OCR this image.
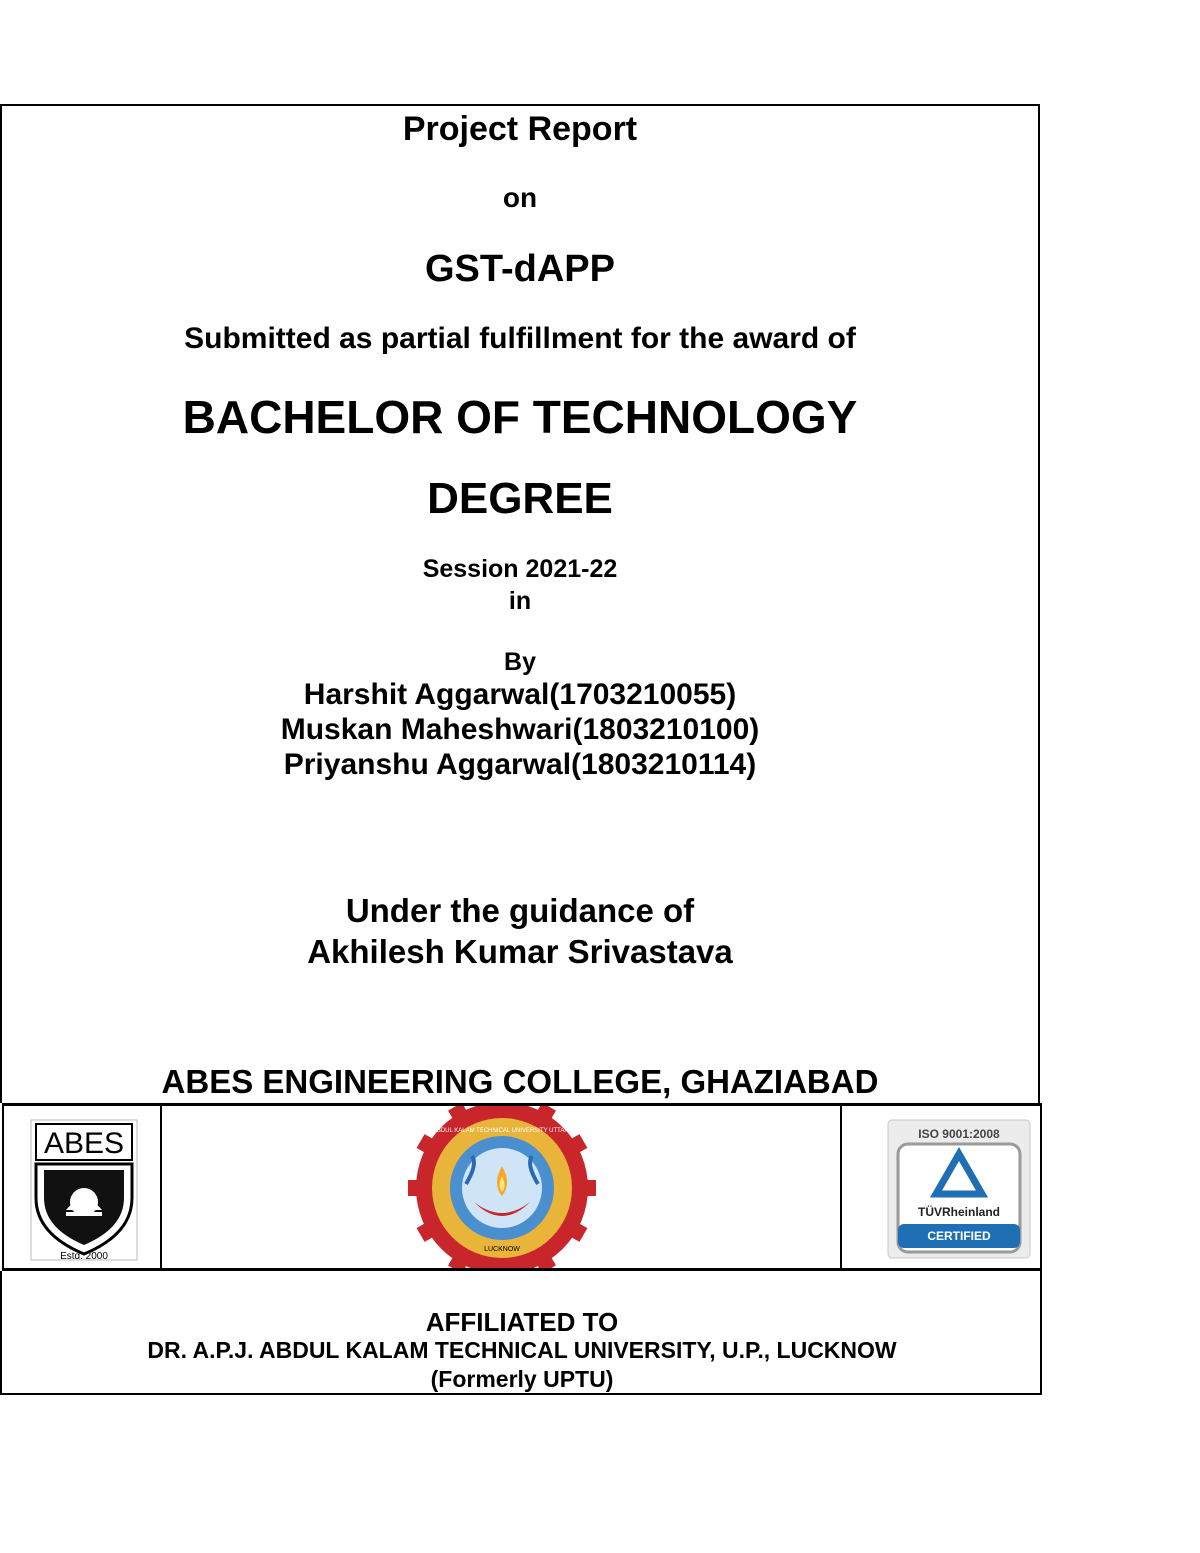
Project Report
on
GST-dAPP
Submitted as partial fulfillment for the award of
BACHELOR OF TECHNOLOGY
DEGREE
Session 2021-22
in
By
Harshit Aggarwal(1703210055)
Muskan Maheshwari(1803210100)
Priyanshu Aggarwal(1803210114)
Under the guidance of
Akhilesh Kumar Srivastava
ABES ENGINEERING COLLEGE, GHAZIABAD
ABES
Estd. 2000
DR. A.P.J. ABDUL KALAM TECHNICAL UNIVERSITY UTTAR PRADESH
LUCKNOW
ISO 9001:2008
TÜVRheinland
CERTIFIED
AFFILIATED TO
DR. A.P.J. ABDUL KALAM TECHNICAL UNIVERSITY, U.P., LUCKNOW
(Formerly UPTU)
